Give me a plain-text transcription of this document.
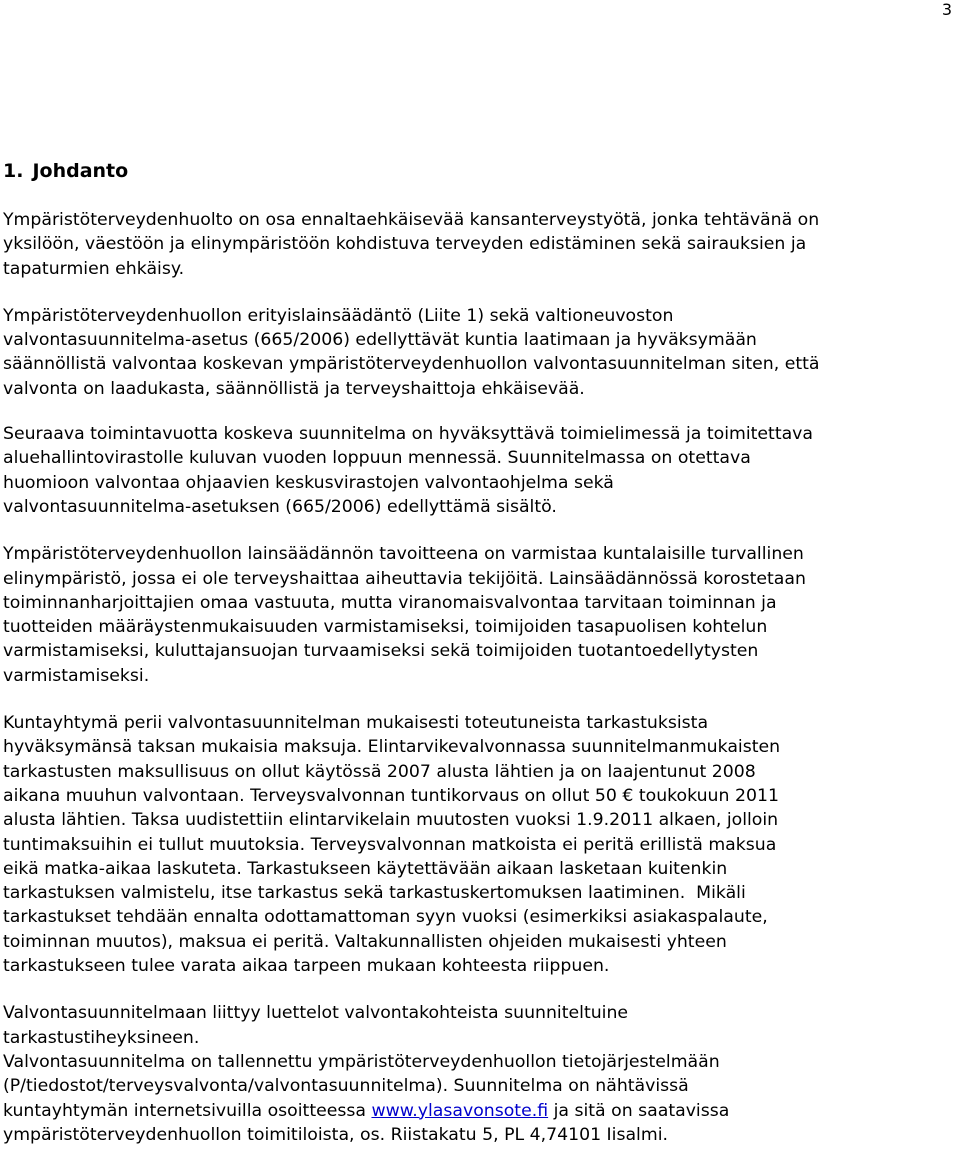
3
1. Johdanto

Ympäristöterveydenhuolto on osa ennaltaehkäisevää kansanterveystyötä, jonka tehtävänä on
yksilöön, väestöön ja elinympäristöön kohdistuva terveyden edistäminen sekä sairauksien ja
tapaturmien ehkäisy.

Ympäristöterveydenhuollon erityislainsäädäntö (Liite 1) sekä valtioneuvoston
valvontasuunnitelma-asetus (665/2006) edellyttävät kuntia laatimaan ja hyväksymään
säännöllistä valvontaa koskevan ympäristöterveydenhuollon valvontasuunnitelman siten, että
valvonta on laadukasta, säännöllistä ja terveyshaittoja ehkäisevää.

Seuraava toimintavuotta koskeva suunnitelma on hyväksyttävä toimielimessä ja toimitettava
aluehallintovirastolle kuluvan vuoden loppuun mennessä. Suunnitelmassa on otettava
huomioon valvontaa ohjaavien keskusvirastojen valvontaohjelma sekä
valvontasuunnitelma-asetuksen (665/2006) edellyttämä sisältö.

Ympäristöterveydenhuollon lainsäädännön tavoitteena on varmistaa kuntalaisille turvallinen
elinympäristö, jossa ei ole terveyshaittaa aiheuttavia tekijöitä. Lainsäädännössä korostetaan
toiminnanharjoittajien omaa vastuuta, mutta viranomaisvalvontaa tarvitaan toiminnan ja
tuotteiden määräystenmukaisuuden varmistamiseksi, toimijoiden tasapuolisen kohtelun
varmistamiseksi, kuluttajansuojan turvaamiseksi sekä toimijoiden tuotantoedellytysten
varmistamiseksi.

Kuntayhtymä perii valvontasuunnitelman mukaisesti toteutuneista tarkastuksista
hyväksymänsä taksan mukaisia maksuja. Elintarvikevalvonnassa suunnitelmanmukaisten
tarkastusten maksullisuus on ollut käytössä 2007 alusta lähtien ja on laajentunut 2008
aikana muuhun valvontaan. Terveysvalvonnan tuntikorvaus on ollut 50 € toukokuun 2011
alusta lähtien. Taksa uudistettiin elintarvikelain muutosten vuoksi 1.9.2011 alkaen, jolloin
tuntimaksuihin ei tullut muutoksia. Terveysvalvonnan matkoista ei peritä erillistä maksua
eikä matka-aikaa laskuteta. Tarkastukseen käytettävään aikaan lasketaan kuitenkin
tarkastuksen valmistelu, itse tarkastus sekä tarkastuskertomuksen laatiminen.  Mikäli
tarkastukset tehdään ennalta odottamattoman syyn vuoksi (esimerkiksi asiakaspalaute,
toiminnan muutos), maksua ei peritä. Valtakunnallisten ohjeiden mukaisesti yhteen
tarkastukseen tulee varata aikaa tarpeen mukaan kohteesta riippuen.

Valvontasuunnitelmaan liittyy luettelot valvontakohteista suunniteltuine
tarkastustiheyksineen.
Valvontasuunnitelma on tallennettu ympäristöterveydenhuollon tietojärjestelmään
(P/tiedostot/terveysvalvonta/valvontasuunnitelma). Suunnitelma on nähtävissä
kuntayhtymän internetsivuilla osoitteessa www.ylasavonsote.fi ja sitä on saatavissa
ympäristöterveydenhuollon toimitiloista, os. Riistakatu 5, PL 4,74101 Iisalmi.
